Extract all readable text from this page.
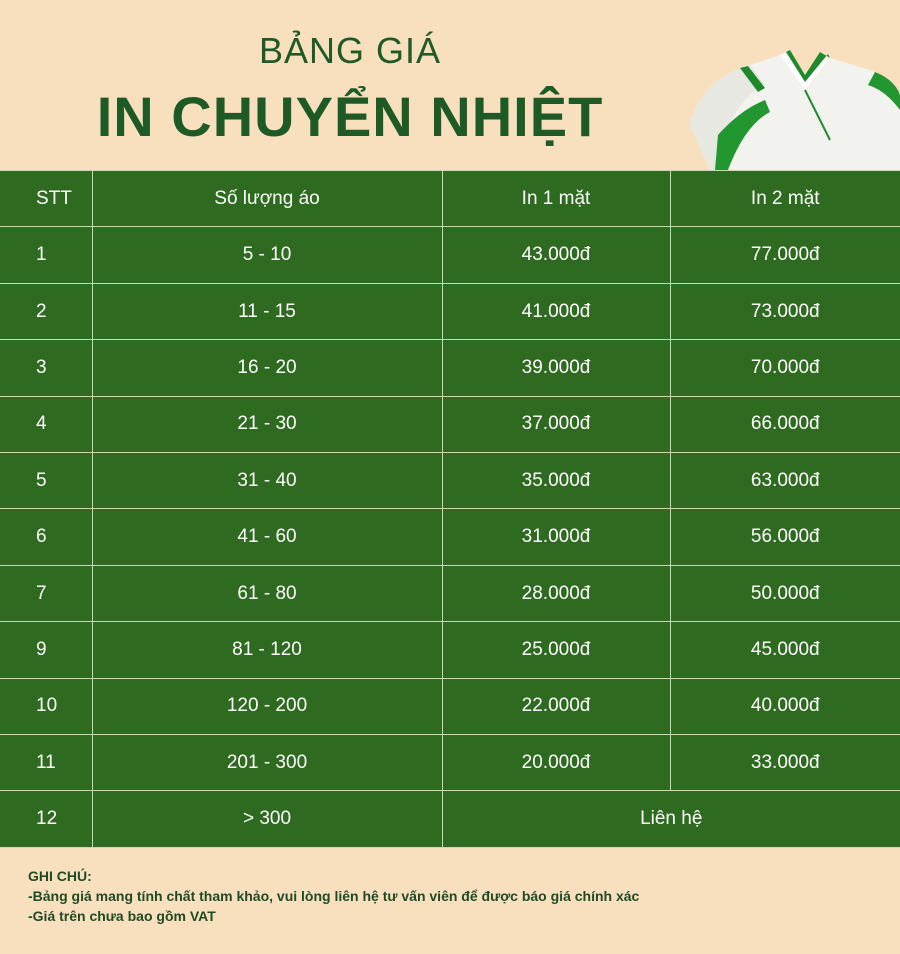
BẢNG GIÁ
IN CHUYỂN NHIỆT
STT	Số lượng áo	In 1 mặt	In 2 mặt
1	5 - 10	43.000đ	77.000đ
2	11 - 15	41.000đ	73.000đ
3	16 - 20	39.000đ	70.000đ
4	21 - 30	37.000đ	66.000đ
5	31 - 40	35.000đ	63.000đ
6	41 - 60	31.000đ	56.000đ
7	61 - 80	28.000đ	50.000đ
9	81 - 120	25.000đ	45.000đ
10	120 - 200	22.000đ	40.000đ
11	201 - 300	20.000đ	33.000đ
12	> 300	Liên hệ	
GHI CHÚ:
-Bảng giá mang tính chất tham khảo, vui lòng liên hệ tư vấn viên để được báo giá chính xác
-Giá trên chưa bao gồm VAT
